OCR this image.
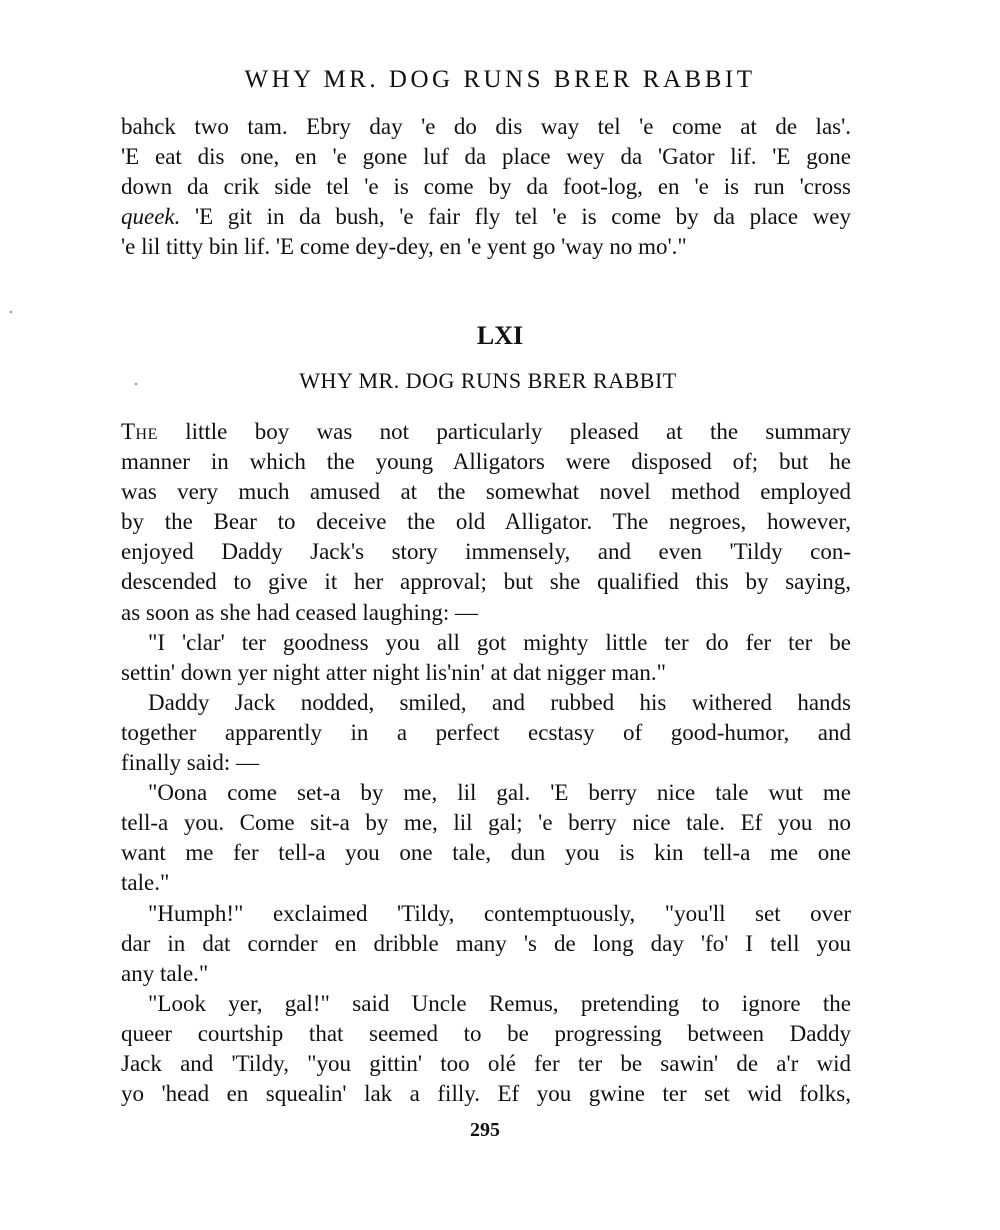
WHY MR. DOG RUNS BRER RABBIT

bahck two tam. Ebry day 'e do dis way tel 'e come at de las'.

'E eat dis one, en 'e gone luf da place wey da 'Gator lif. 'E gone

down da crik side tel 'e is come by da foot-log, en 'e is run 'cross

queek. 'E git in da bush, 'e fair fly tel 'e is come by da place wey

'e lil titty bin lif. 'E come dey-dey, en 'e yent go 'way no mo'."

LXI
WHY MR. DOG RUNS BRER RABBIT

The little boy was not particularly pleased at the summary

manner in which the young Alligators were disposed of; but he

was very much amused at the somewhat novel method employed

by the Bear to deceive the old Alligator. The negroes, however,

enjoyed Daddy Jack's story immensely, and even 'Tildy con-

descended to give it her approval; but she qualified this by saying,

as soon as she had ceased laughing: —

"I 'clar' ter goodness you all got mighty little ter do fer ter be

settin' down yer night atter night lis'nin' at dat nigger man."

Daddy Jack nodded, smiled, and rubbed his withered hands

together apparently in a perfect ecstasy of good-humor, and

finally said: —

"Oona come set-a by me, lil gal. 'E berry nice tale wut me

tell-a you. Come sit-a by me, lil gal; 'e berry nice tale. Ef you no

want me fer tell-a you one tale, dun you is kin tell-a me one

tale."

"Humph!" exclaimed 'Tildy, contemptuously, "you'll set over

dar in dat cornder en dribble many 's de long day 'fo' I tell you

any tale."

"Look yer, gal!" said Uncle Remus, pretending to ignore the

queer courtship that seemed to be progressing between Daddy

Jack and 'Tildy, "you gittin' too olé fer ter be sawin' de a'r wid

yo 'head en squealin' lak a filly. Ef you gwine ter set wid folks,

295
